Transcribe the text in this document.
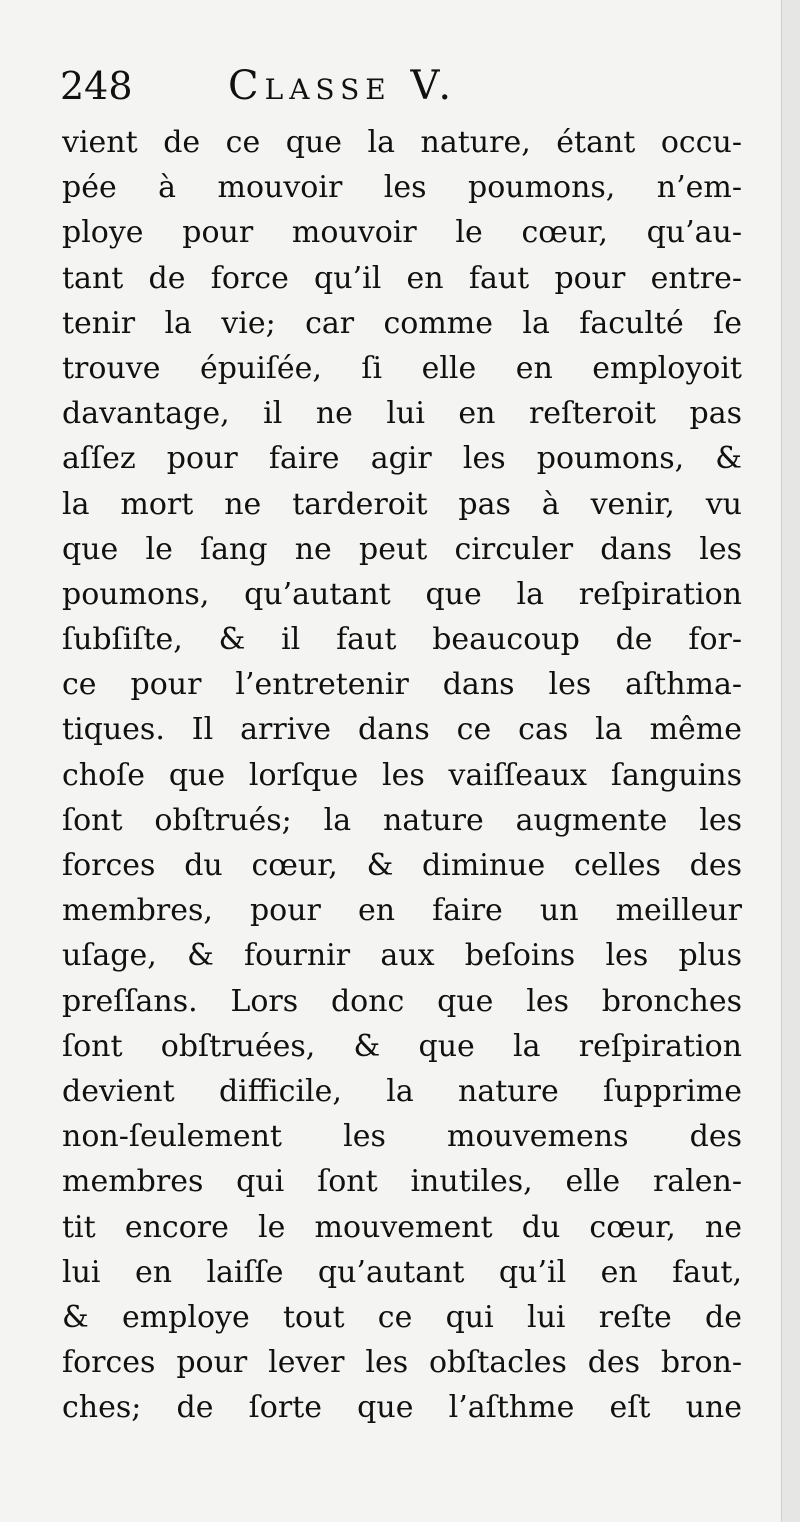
248 Classe V.
vient de ce que la nature, étant occu-
pée à mouvoir les poumons, n’em-
ploye pour mouvoir le cœur, qu’au-
tant de force qu’il en faut pour entre-
tenir la vie; car comme la faculté ſe
trouve épuiſée, ſi elle en employoit
davantage, il ne lui en reſteroit pas
aſſez pour faire agir les poumons, &
la mort ne tarderoit pas à venir, vu
que le ſang ne peut circuler dans les
poumons, qu’autant que la reſpiration
ſubſiſte, & il faut beaucoup de for-
ce pour l’entretenir dans les aſthma-
tiques. Il arrive dans ce cas la même
choſe que lorſque les vaiſſeaux ſanguins
ſont obſtrués; la nature augmente les
forces du cœur, & diminue celles des
membres, pour en faire un meilleur
uſage, & fournir aux beſoins les plus
preſſans. Lors donc que les bronches
ſont obſtruées, & que la reſpiration
devient difficile, la nature ſupprime
non-ſeulement les mouvemens des
membres qui ſont inutiles, elle ralen-
tit encore le mouvement du cœur, ne
lui en laiſſe qu’autant qu’il en faut,
& employe tout ce qui lui reſte de
forces pour lever les obſtacles des bron-
ches; de ſorte que l’aſthme eſt une
